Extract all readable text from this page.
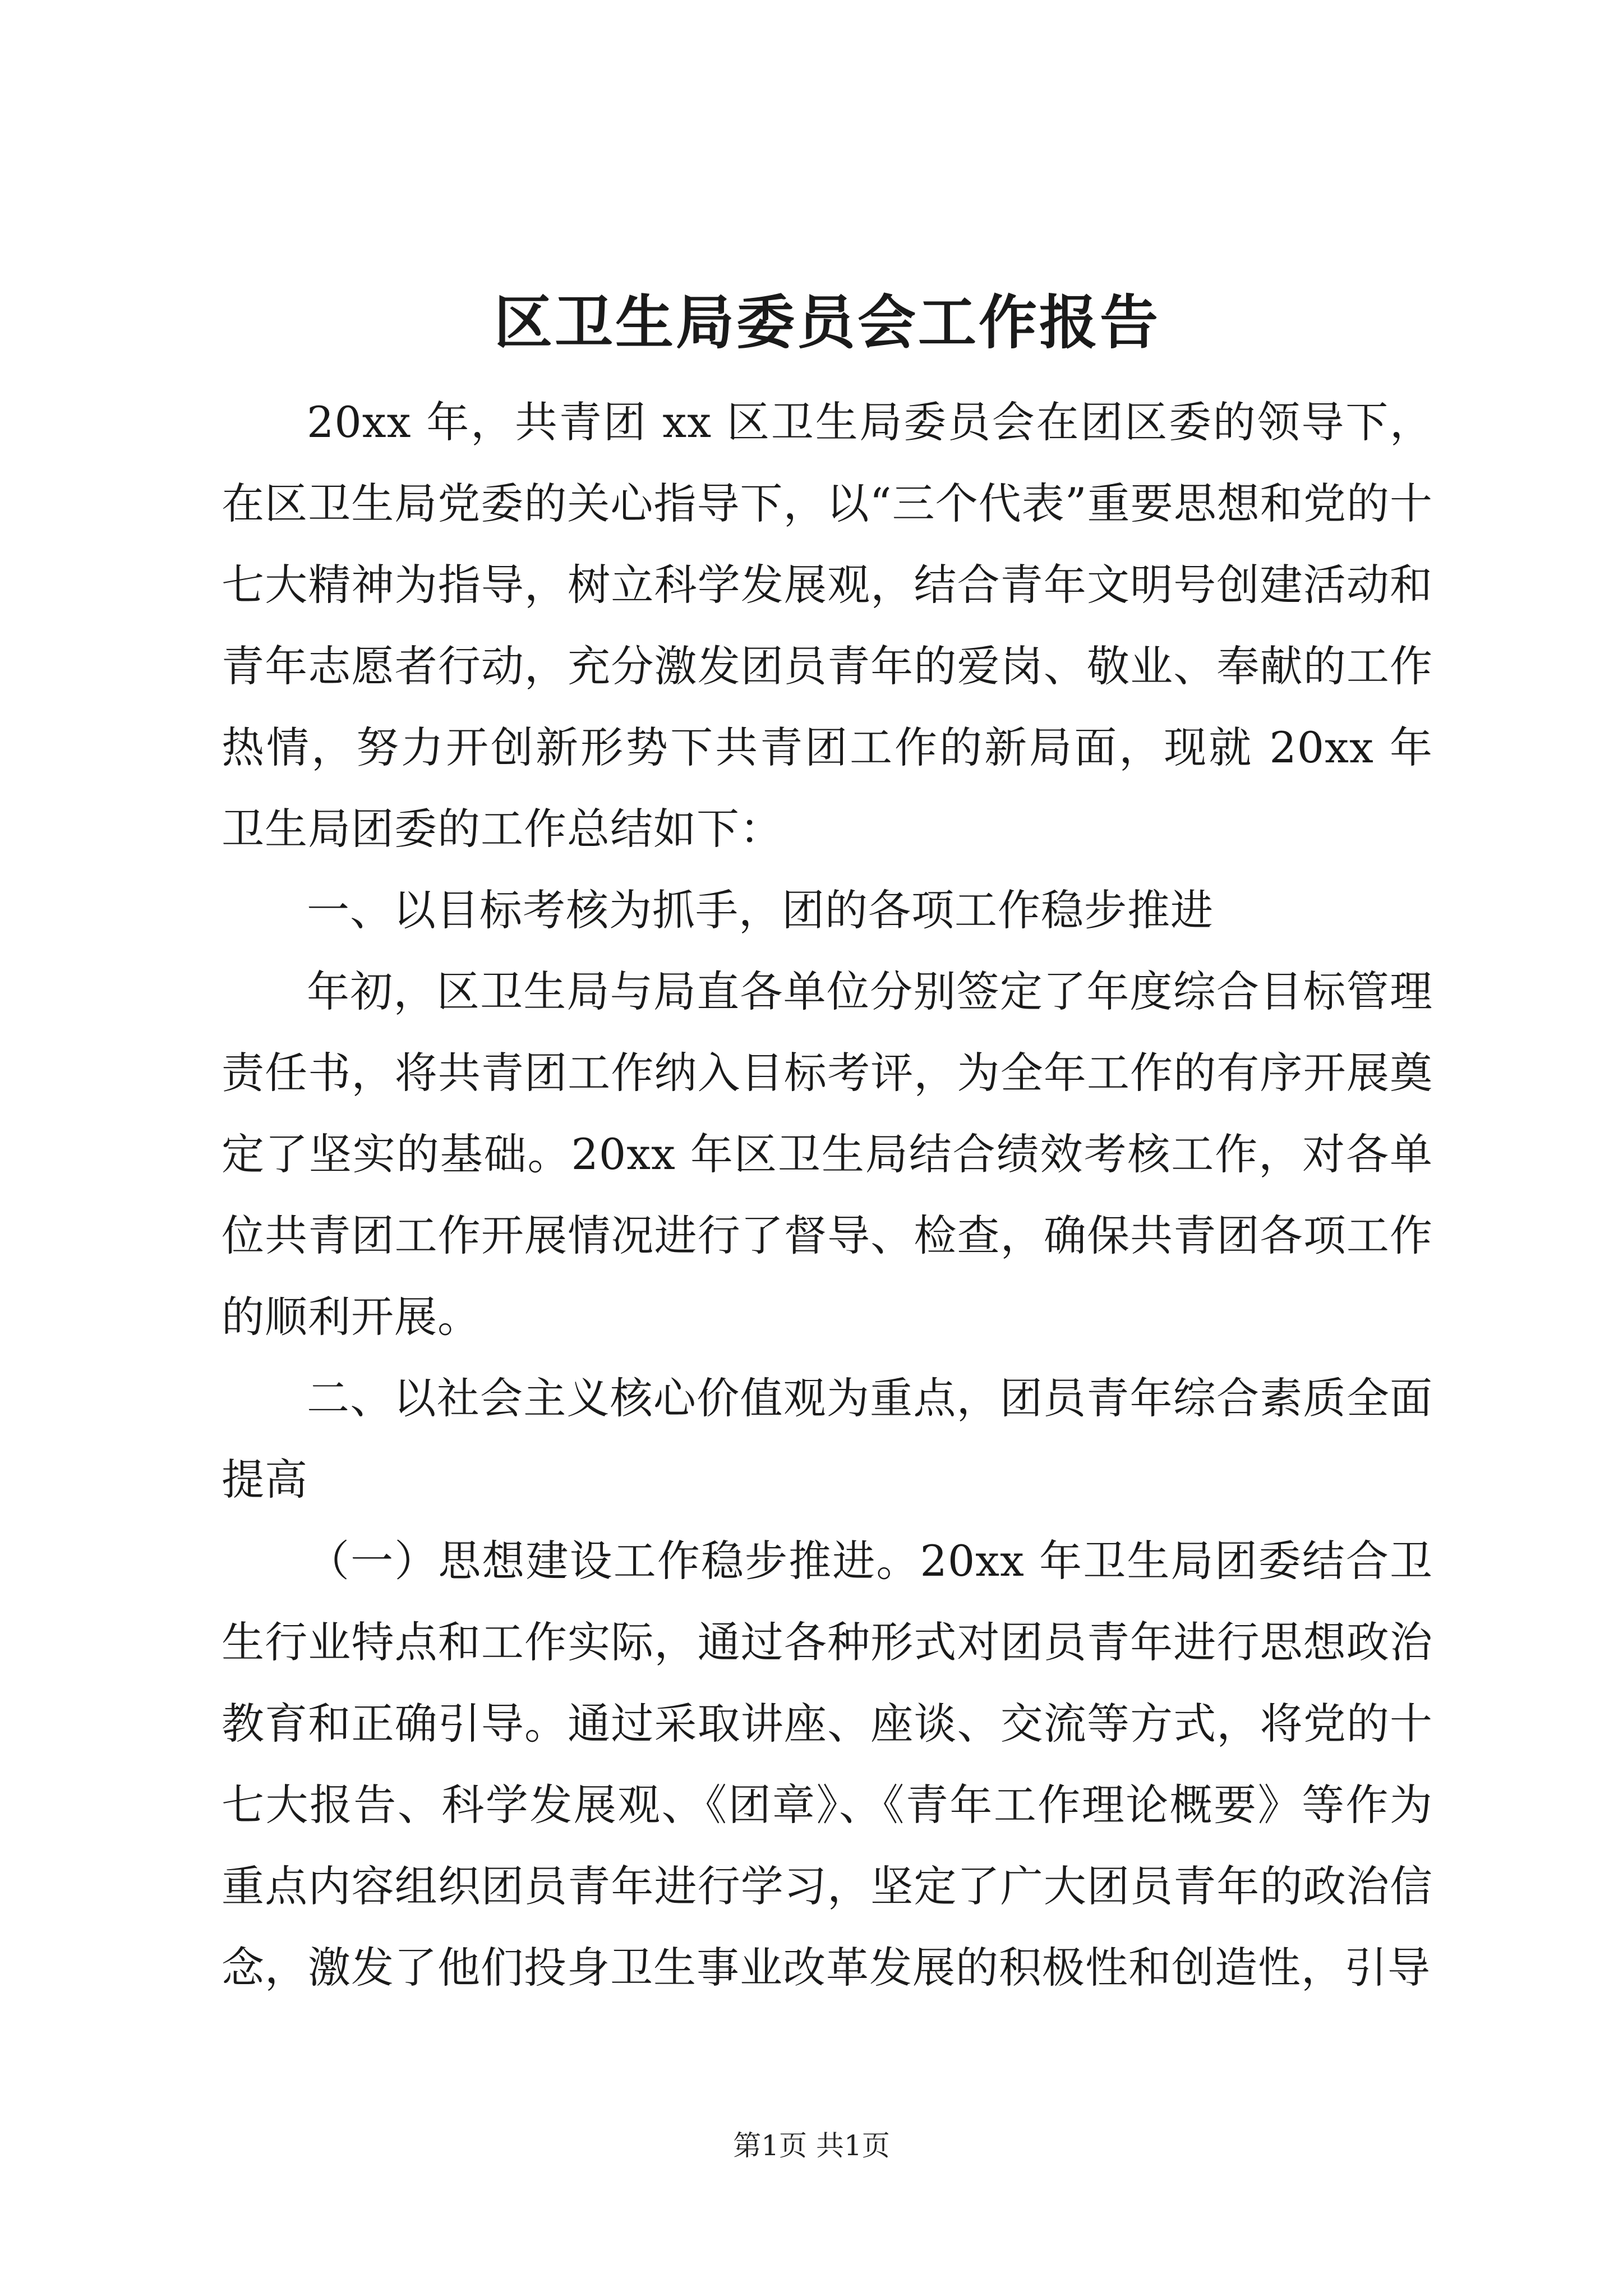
区卫生局委员会工作报告

20xx 年，共青团 xx 区卫生局委员会在团区委的领导下，在区卫生局党委的关心指导下，以“三个代表”重要思想和党的十七大精神为指导，树立科学发展观，结合青年文明号创建活动和青年志愿者行动，充分激发团员青年的爱岗、敬业、奉献的工作热情，努力开创新形势下共青团工作的新局面，现就 20xx 年卫生局团委的工作总结如下：

一、以目标考核为抓手，团的各项工作稳步推进

年初，区卫生局与局直各单位分别签定了年度综合目标管理责任书，将共青团工作纳入目标考评，为全年工作的有序开展奠定了坚实的基础。20xx 年区卫生局结合绩效考核工作，对各单位共青团工作开展情况进行了督导、检查，确保共青团各项工作的顺利开展。

二、以社会主义核心价值观为重点，团员青年综合素质全面提高

（一）思想建设工作稳步推进。20xx 年卫生局团委结合卫生行业特点和工作实际，通过各种形式对团员青年进行思想政治教育和正确引导。通过采取讲座、座谈、交流等方式，将党的十七大报告、科学发展观、《团章》、《青年工作理论概要》等作为重点内容组织团员青年进行学习，坚定了广大团员青年的政治信念，激发了他们投身卫生事业改革发展的积极性和创造性，引导

第1页 共1页
